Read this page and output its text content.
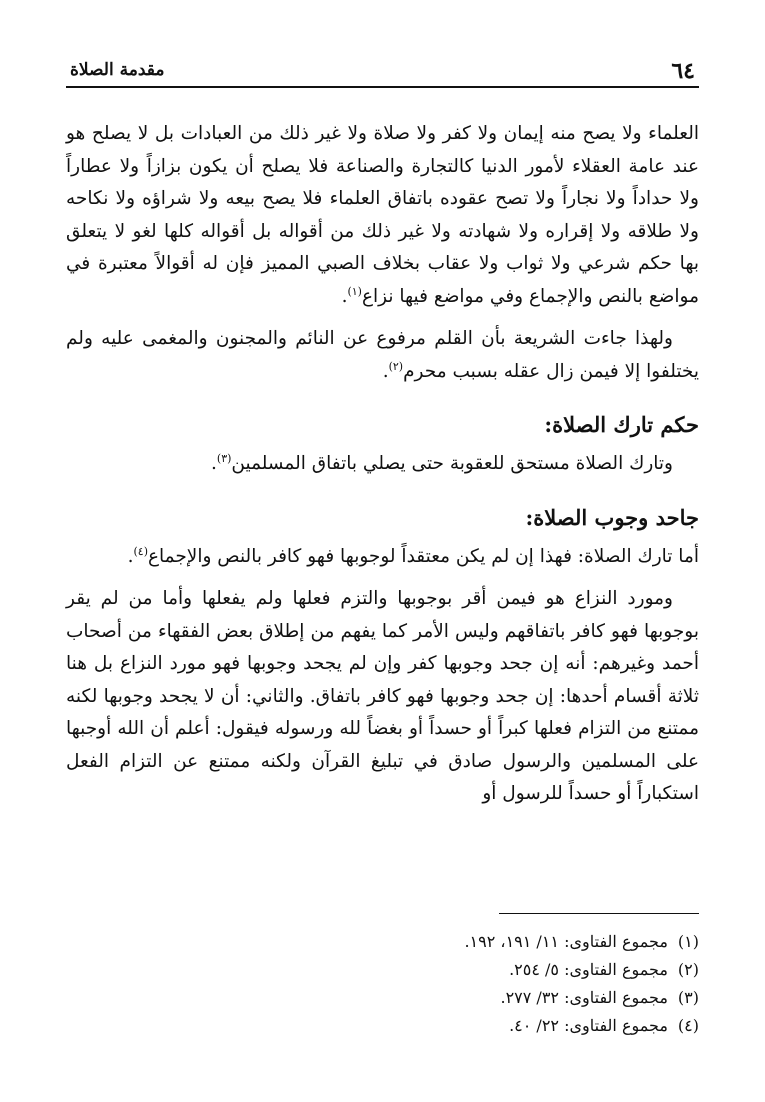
٦٤
مقدمة الصلاة

العلماء ولا يصح منه إيمان ولا كفر ولا صلاة ولا غير ذلك من العبادات بل لا يصلح هو عند عامة العقلاء لأمور الدنيا كالتجارة والصناعة فلا يصلح أن يكون بزازاً ولا عطاراً ولا حداداً ولا نجاراً ولا تصح عقوده باتفاق العلماء فلا يصح بيعه ولا شراؤه ولا نكاحه ولا طلاقه ولا إقراره ولا شهادته ولا غير ذلك من أقواله بل أقواله كلها لغو لا يتعلق بها حكم شرعي ولا ثواب ولا عقاب بخلاف الصبي المميز فإن له أقوالاً معتبرة في مواضع بالنص والإجماع وفي مواضع فيها نزاع$^{(١)}$.

ولهذا جاءت الشريعة بأن القلم مرفوع عن النائم والمجنون والمغمى عليه ولم يختلفوا إلا فيمن زال عقله بسبب محرم$^{(٢)}$.

حكم تارك الصلاة:

وتارك الصلاة مستحق للعقوبة حتى يصلي باتفاق المسلمين$^{(٣)}$.

جاحد وجوب الصلاة:

أما تارك الصلاة: فهذا إن لم يكن معتقداً لوجوبها فهو كافر بالنص والإجماع$^{(٤)}$.

ومورد النزاع هو فيمن أقر بوجوبها والتزم فعلها ولم يفعلها وأما من لم يقر بوجوبها فهو كافر باتفاقهم وليس الأمر كما يفهم من إطلاق بعض الفقهاء من أصحاب أحمد وغيرهم: أنه إن جحد وجوبها كفر وإن لم يجحد وجوبها فهو مورد النزاع بل هنا ثلاثة أقسام أحدها: إن جحد وجوبها فهو كافر باتفاق. والثاني: أن لا يجحد وجوبها لكنه ممتنع من التزام فعلها كبراً أو حسداً أو بغضاً لله ورسوله فيقول: أعلم أن الله أوجبها على المسلمين والرسول صادق في تبليغ القرآن ولكنه ممتنع عن التزام الفعل استكباراً أو حسداً للرسول أو

(١)
مجموع الفتاوى: ١١/ ١٩١، ١٩٢.
(٢)
مجموع الفتاوى: ٥/ ٢٥٤.
(٣)
مجموع الفتاوى: ٣٢/ ٢٧٧.
(٤)
مجموع الفتاوى: ٢٢/ ٤٠.
